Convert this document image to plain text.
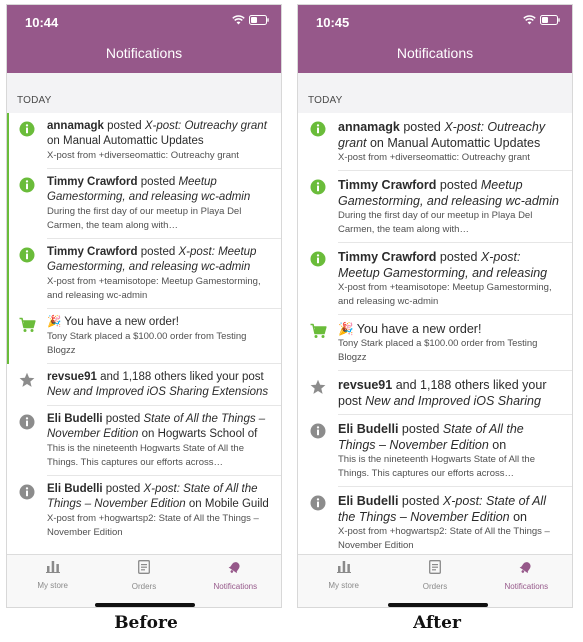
10:44
Notifications
TODAY
annamagk posted X-post: Outreachy grant on Manual Automattic Updates
X-post from +diverseomattic: Outreachy grant
Timmy Crawford posted Meetup Gamestorming, and releasing wc-admin
During the first day of our meetup in Playa Del Carmen, the team along with…
Timmy Crawford posted X-post: Meetup Gamestorming, and releasing wc-admin
X-post from +teamisotope: Meetup Gamestorming, and releasing wc-admin
🎉 You have a new order!
Tony Stark placed a $100.00 order from Testing Blogzz
revsue91 and 1,188 others liked your post New and Improved iOS Sharing Extensions
Eli Budelli posted State of All the Things – November Edition on Hogwarts School of
This is the nineteenth Hogwarts State of All the Things. This captures our efforts across…
Eli Budelli posted X-post: State of All the Things – November Edition on Mobile Guild
X-post from +hogwartsp2: State of All the Things – November Edition
My store	Orders	Notifications
10:45
Notifications
TODAY
annamagk posted X-post: Outreachy grant on Manual Automattic Updates
X-post from +diverseomattic: Outreachy grant
Timmy Crawford posted Meetup Gamestorming, and releasing wc-admin
During the first day of our meetup in Playa Del Carmen, the team along with…
Timmy Crawford posted X-post: Meetup Gamestorming, and releasing
X-post from +teamisotope: Meetup Gamestorming, and releasing wc-admin
🎉 You have a new order!
Tony Stark placed a $100.00 order from Testing Blogzz
revsue91 and 1,188 others liked your post New and Improved iOS Sharing
Eli Budelli posted State of All the Things – November Edition on
This is the nineteenth Hogwarts State of All the Things. This captures our efforts across…
Eli Budelli posted X-post: State of All the Things – November Edition on
X-post from +hogwartsp2: State of All the Things – November Edition
My store	Orders	Notifications
Before	After
